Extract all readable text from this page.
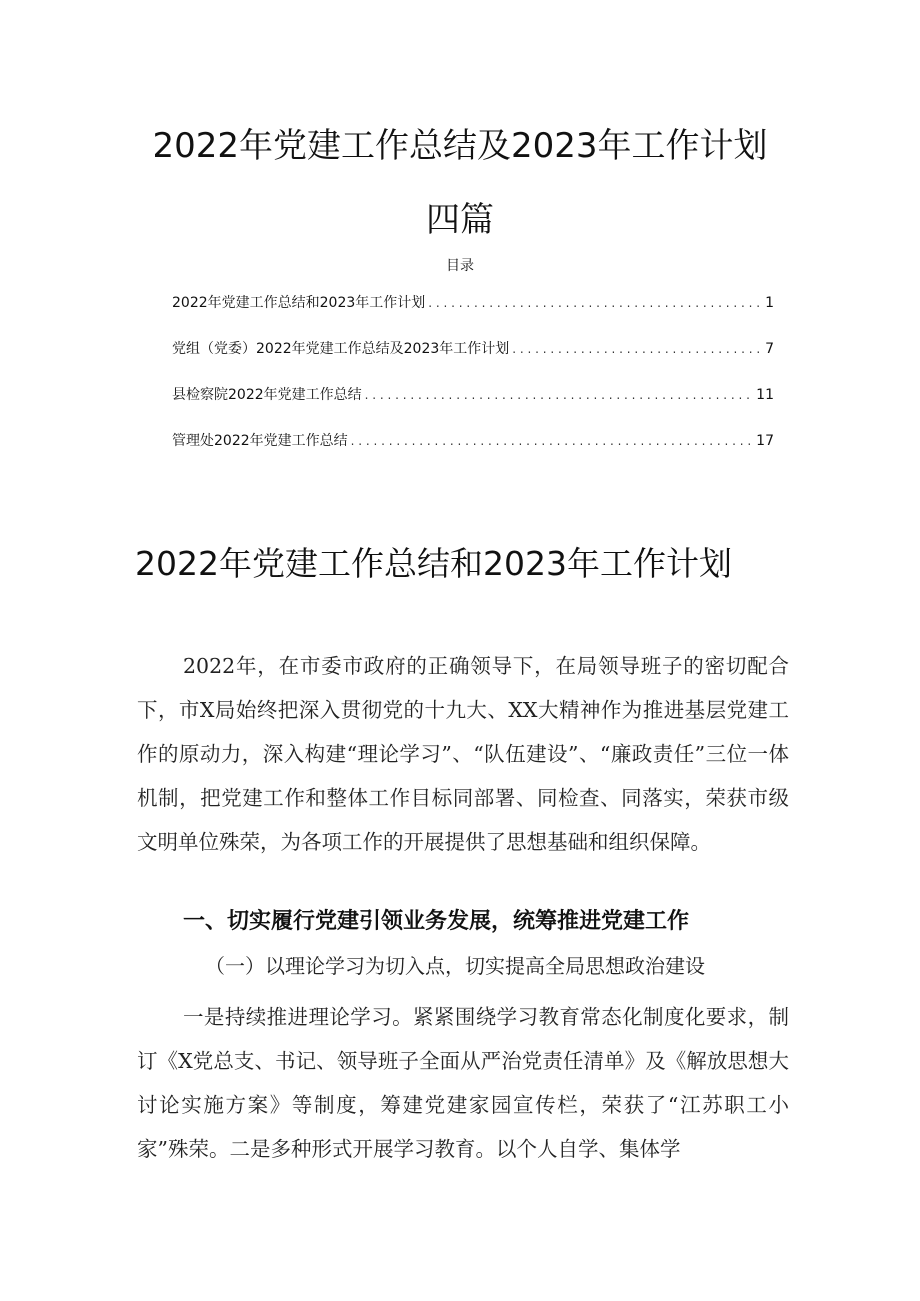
2022年党建工作总结及2023年工作计划
四篇
目录
2022年党建工作总结和2023年工作计划 . . .	1
党组（党委）2022年党建工作总结及2023年工作计划 . . .	7
县检察院2022年党建工作总结 . . .	11
管理处2022年党建工作总结 . . .	17
2022年党建工作总结和2023年工作计划
2022年，在市委市政府的正确领导下，在局领导班子的密切配合下，市X局始终把深入贯彻党的十九大、XX大精神作为推进基层党建工作的原动力，深入构建“理论学习”、“队伍建设”、“廉政责任”三位一体机制，把党建工作和整体工作目标同部署、同检查、同落实，荣获市级文明单位殊荣，为各项工作的开展提供了思想基础和组织保障。
一、切实履行党建引领业务发展，统筹推进党建工作
（一）以理论学习为切入点，切实提高全局思想政治建设
一是持续推进理论学习。紧紧围绕学习教育常态化制度化要求，制订《X党总支、书记、领导班子全面从严治党责任清单》及《解放思想大讨论实施方案》等制度，筹建党建家园宣传栏，荣获了“江苏职工小家”殊荣。二是多种形式开展学习教育。以个人自学、集体学
